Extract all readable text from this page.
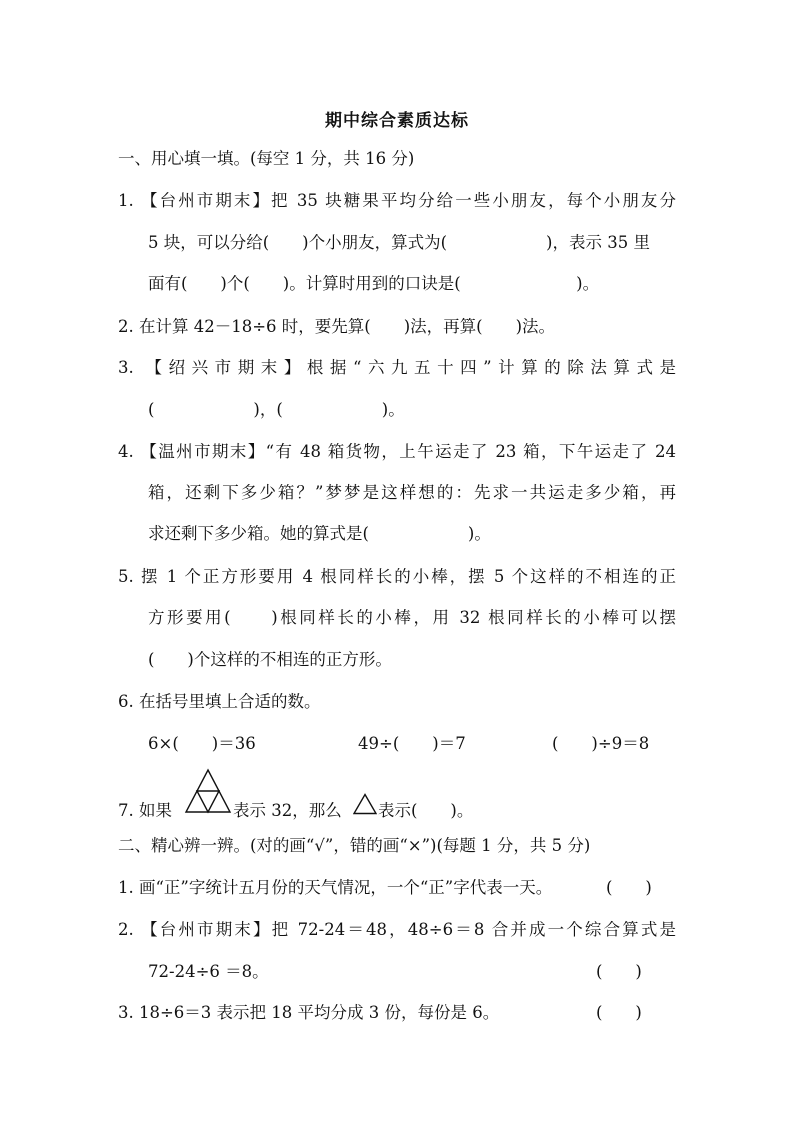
期中综合素质达标
一、用心填一填。(每空 1 分，共 16 分)
1. 【台州市期末】把 35 块糖果平均分给一些小朋友，每个小朋友分
5 块，可以分给(　　)个小朋友，算式为(　　　　　　)，表示 35 里
面有(　　)个(　　)。计算时用到的口诀是(　　　　　　　)。
2. 在计算 42－18÷6 时，要先算(　　)法，再算(　　)法。
3. 【绍兴市期末】根据“六九五十四”计算的除法算式是
(　　　　　　)，(　　　　　　)。
4. 【温州市期末】“有 48 箱货物，上午运走了 23 箱，下午运走了 24
箱，还剩下多少箱？”梦梦是这样想的：先求一共运走多少箱，再
求还剩下多少箱。她的算式是(　　　　　　)。
5. 摆 1 个正方形要用 4 根同样长的小棒，摆 5 个这样的不相连的正
方形要用(　　)根同样长的小棒，用 32 根同样长的小棒可以摆
(　　)个这样的不相连的正方形。
6. 在括号里填上合适的数。
6×(　　)＝36	49÷(　　)＝7	(　　)÷9＝8
7. 如果	表示 32，那么 表示(　　)。
二、精心辨一辨。(对的画“√”，错的画“×”)(每题 1 分，共 5 分)
1. 画“正”字统计五月份的天气情况，一个“正”字代表一天。	(　　)
2. 【台州市期末】把 72-24＝48，48÷6＝8 合并成一个综合算式是
72-24÷6 ＝8。	(　　)
3. 18÷6＝3 表示把 18 平均分成 3 份，每份是 6。	(　　)
